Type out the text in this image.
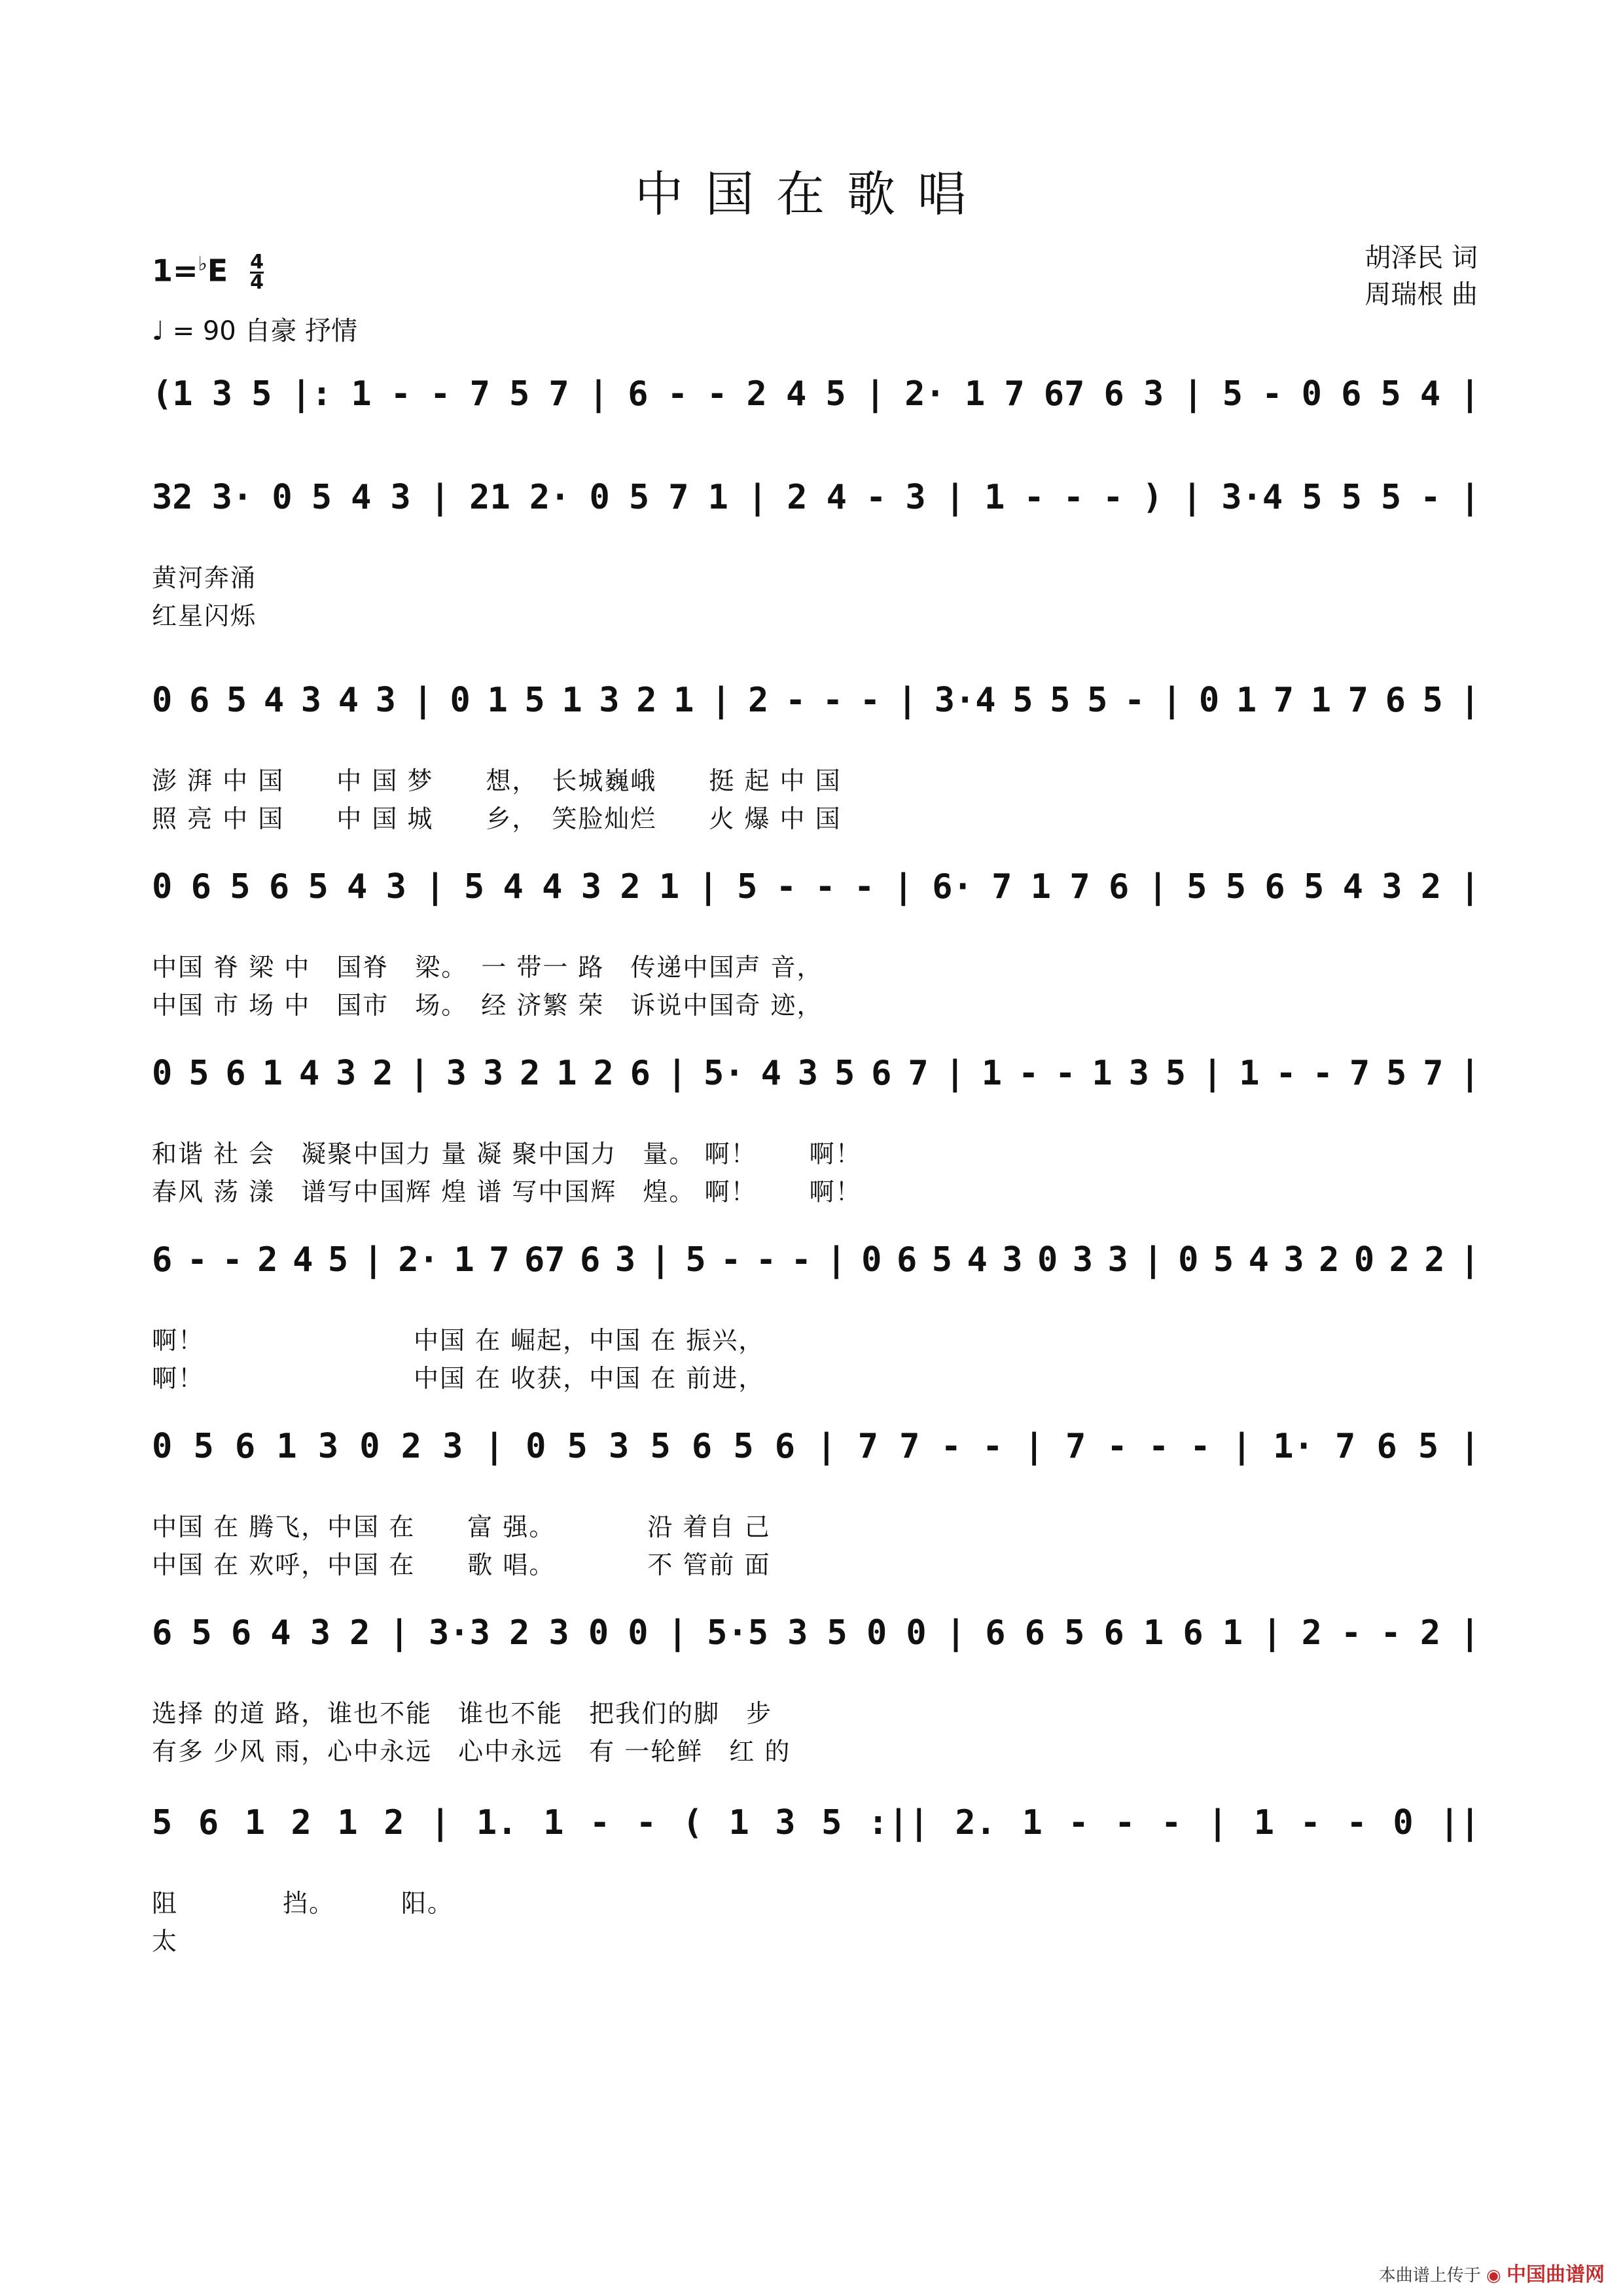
中国在歌唱
胡泽民 词
周瑞根 曲
$1=^♭E \frac{4}{4}$
♩ = 90 自豪 抒情
(1 3 5 |: 1 - - 7 5 7 | 6 - - 2 4 5 | 2· 1 7 67 6 3 | 5 - 0 6 5 4 |
32 3· 0 5 4 3 | 21 2· 0 5 7 1 | 2 4 - 3 | 1 - - - ) | 3·4 5 5 5 - |
黄河奔涌
红星闪烁
0 6 5 4 3 4 3 | 0 1 5 1 3 2 1 | 2 - - - | 3·4 5 5 5 - | 0 1 7 1 7 6 5 |
澎 湃 中 国　　中 国 梦　　想，　长城巍峨　　挺 起 中 国
照 亮 中 国　　中 国 城　　乡，　笑脸灿烂　　火 爆 中 国
0 6 5 6 5 4 3 | 5 4 4 3 2 1 | 5 - - - | 6· 7 1 7 6 | 5 5 6 5 4 3 2 |
中国 脊 梁 中　国脊　梁。　一 带一 路　传递中国声 音，
中国 市 场 中　国市　场。　经 济繁 荣　诉说中国奇 迹，
0 5 6 1 4 3 2 | 3 3 2 1 2 6 | 5· 4 3 5 6 7 | 1 - - 1 3 5 | 1 - - 7 5 7 |
和谐 社 会　凝聚中国力 量 凝 聚中国力　量。 啊！　　啊！
春风 荡 漾　谱写中国辉 煌 谱 写中国辉　煌。 啊！　　啊！
6 - - 2 4 5 | 2· 1 7 67 6 3 | 5 - - - | 0 6 5 4 3 0 3 3 | 0 5 4 3 2 0 2 2 |
啊！　　　　　　　　中国 在 崛起，中国 在 振兴，
啊！　　　　　　　　中国 在 收获，中国 在 前进，
0 5 6 1 3 0 2 3 | 0 5 3 5 6 5 6 | 7 7 - - | 7 - - - | 1· 7 6 5 |
中国 在 腾飞，中国 在　　富 强。　　　　沿 着自 己
中国 在 欢呼，中国 在　　歌 唱。　　　　不 管前 面
6 5 6 4 3 2 | 3·3 2 3 0 0 | 5·5 3 5 0 0 | 6 6 5 6 1 6 1 | 2 - - 2 |
选择 的道 路，谁也不能　谁也不能　把我们的脚　步
有多 少风 雨，心中永远　心中永远　有 一轮鲜　红 的
5 6 1 2 1 2 | 1. 1 - - ( 1 3 5 :|| 2. 1 - - - | 1 - - 0 ||
阻　　　　挡。　　　阳。
太
本曲谱上传于 ◉ 中国曲谱网
